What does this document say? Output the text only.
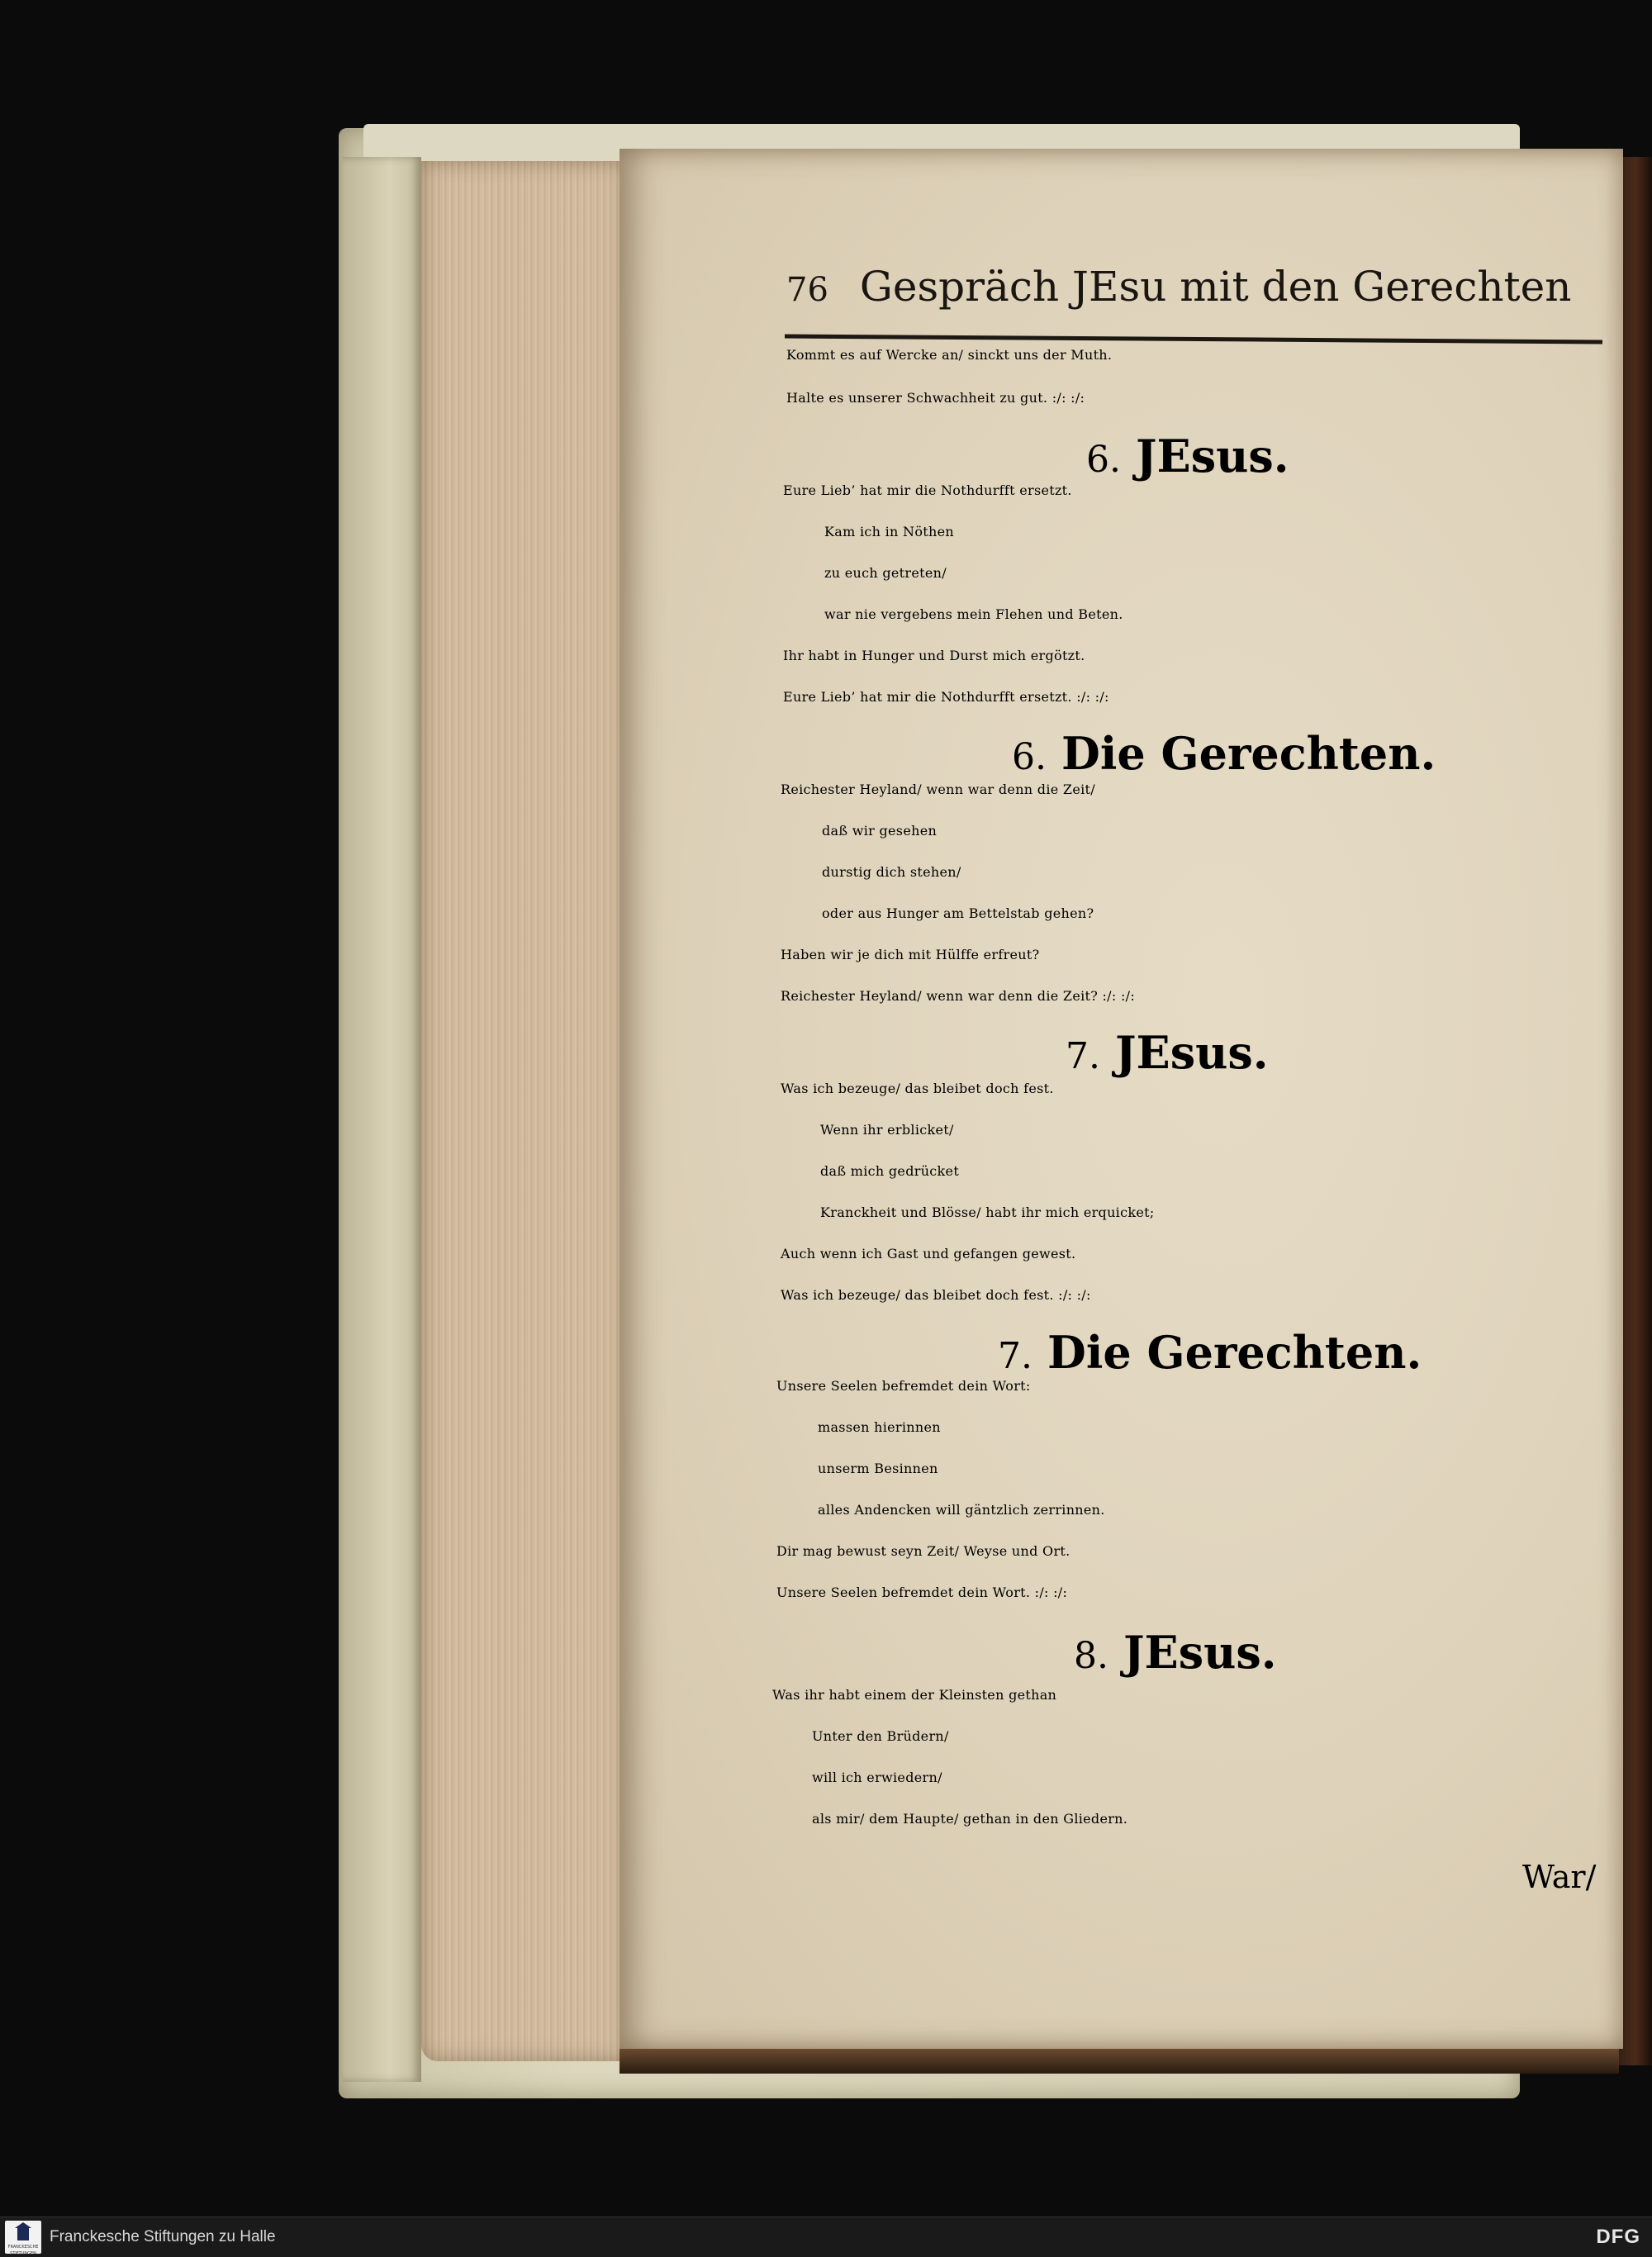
76 Gespräch JEsu mit den Gerechten
Kommt es auf Wercke an/ sinckt uns der Muth.
Halte es unserer Schwachheit zu gut. :/: :/:
6. JEsus.
Eure Lieb’ hat mir die Nothdurfft ersetzt.
Kam ich in Nöthen
zu euch getreten/
war nie vergebens mein Flehen und Beten.
Ihr habt in Hunger und Durst mich ergötzt.
Eure Lieb’ hat mir die Nothdurfft ersetzt. :/: :/:
6. Die Gerechten.
Reichester Heyland/ wenn war denn die Zeit/
daß wir gesehen
durstig dich stehen/
oder aus Hunger am Bettelstab gehen?
Haben wir je dich mit Hülffe erfreut?
Reichester Heyland/ wenn war denn die Zeit? :/: :/:
7. JEsus.
Was ich bezeuge/ das bleibet doch fest.
Wenn ihr erblicket/
daß mich gedrücket
Kranckheit und Blösse/ habt ihr mich erquicket;
Auch wenn ich Gast und gefangen gewest.
Was ich bezeuge/ das bleibet doch fest. :/: :/:
7. Die Gerechten.
Unsere Seelen befremdet dein Wort:
massen hierinnen
unserm Besinnen
alles Andencken will gäntzlich zerrinnen.
Dir mag bewust seyn Zeit/ Weyse und Ort.
Unsere Seelen befremdet dein Wort. :/: :/:
8. JEsus.
Was ihr habt einem der Kleinsten gethan
Unter den Brüdern/
will ich erwiedern/
als mir/ dem Haupte/ gethan in den Gliedern.
War/
FRANCKESCHE STIFTUNGEN
Franckesche Stiftungen zu Halle	DFG
